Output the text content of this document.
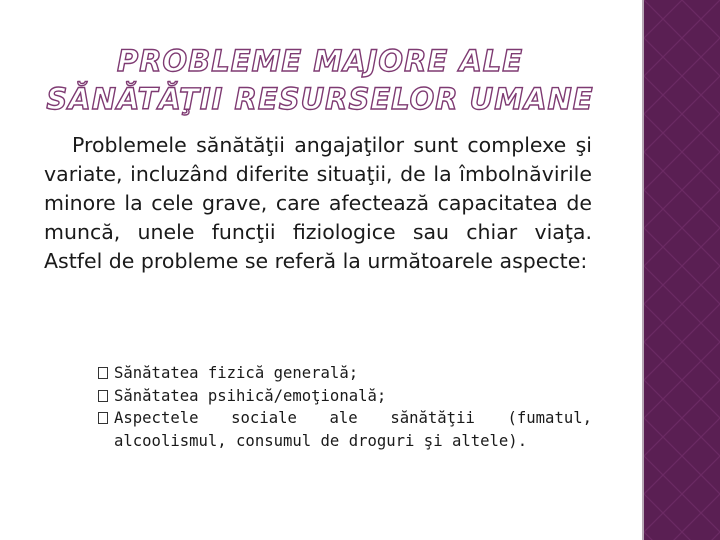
PROBLEME MAJORE ALE SĂNĂTĂŢII RESURSELOR UMANE

Problemele sănătăţii angajaţilor sunt complexe şi variate, incluzând diferite situaţii, de la îmbolnăvirile minore la cele grave, care afectează capacitatea de muncă, unele funcţii fiziologice sau chiar viaţa. Astfel de probleme se referă la următoarele aspecte:

Sănătatea fizică generală;
Sănătatea psihică/emoţională;
Aspectele sociale ale sănătăţii (fumatul, alcoolismul, consumul de droguri şi altele).
